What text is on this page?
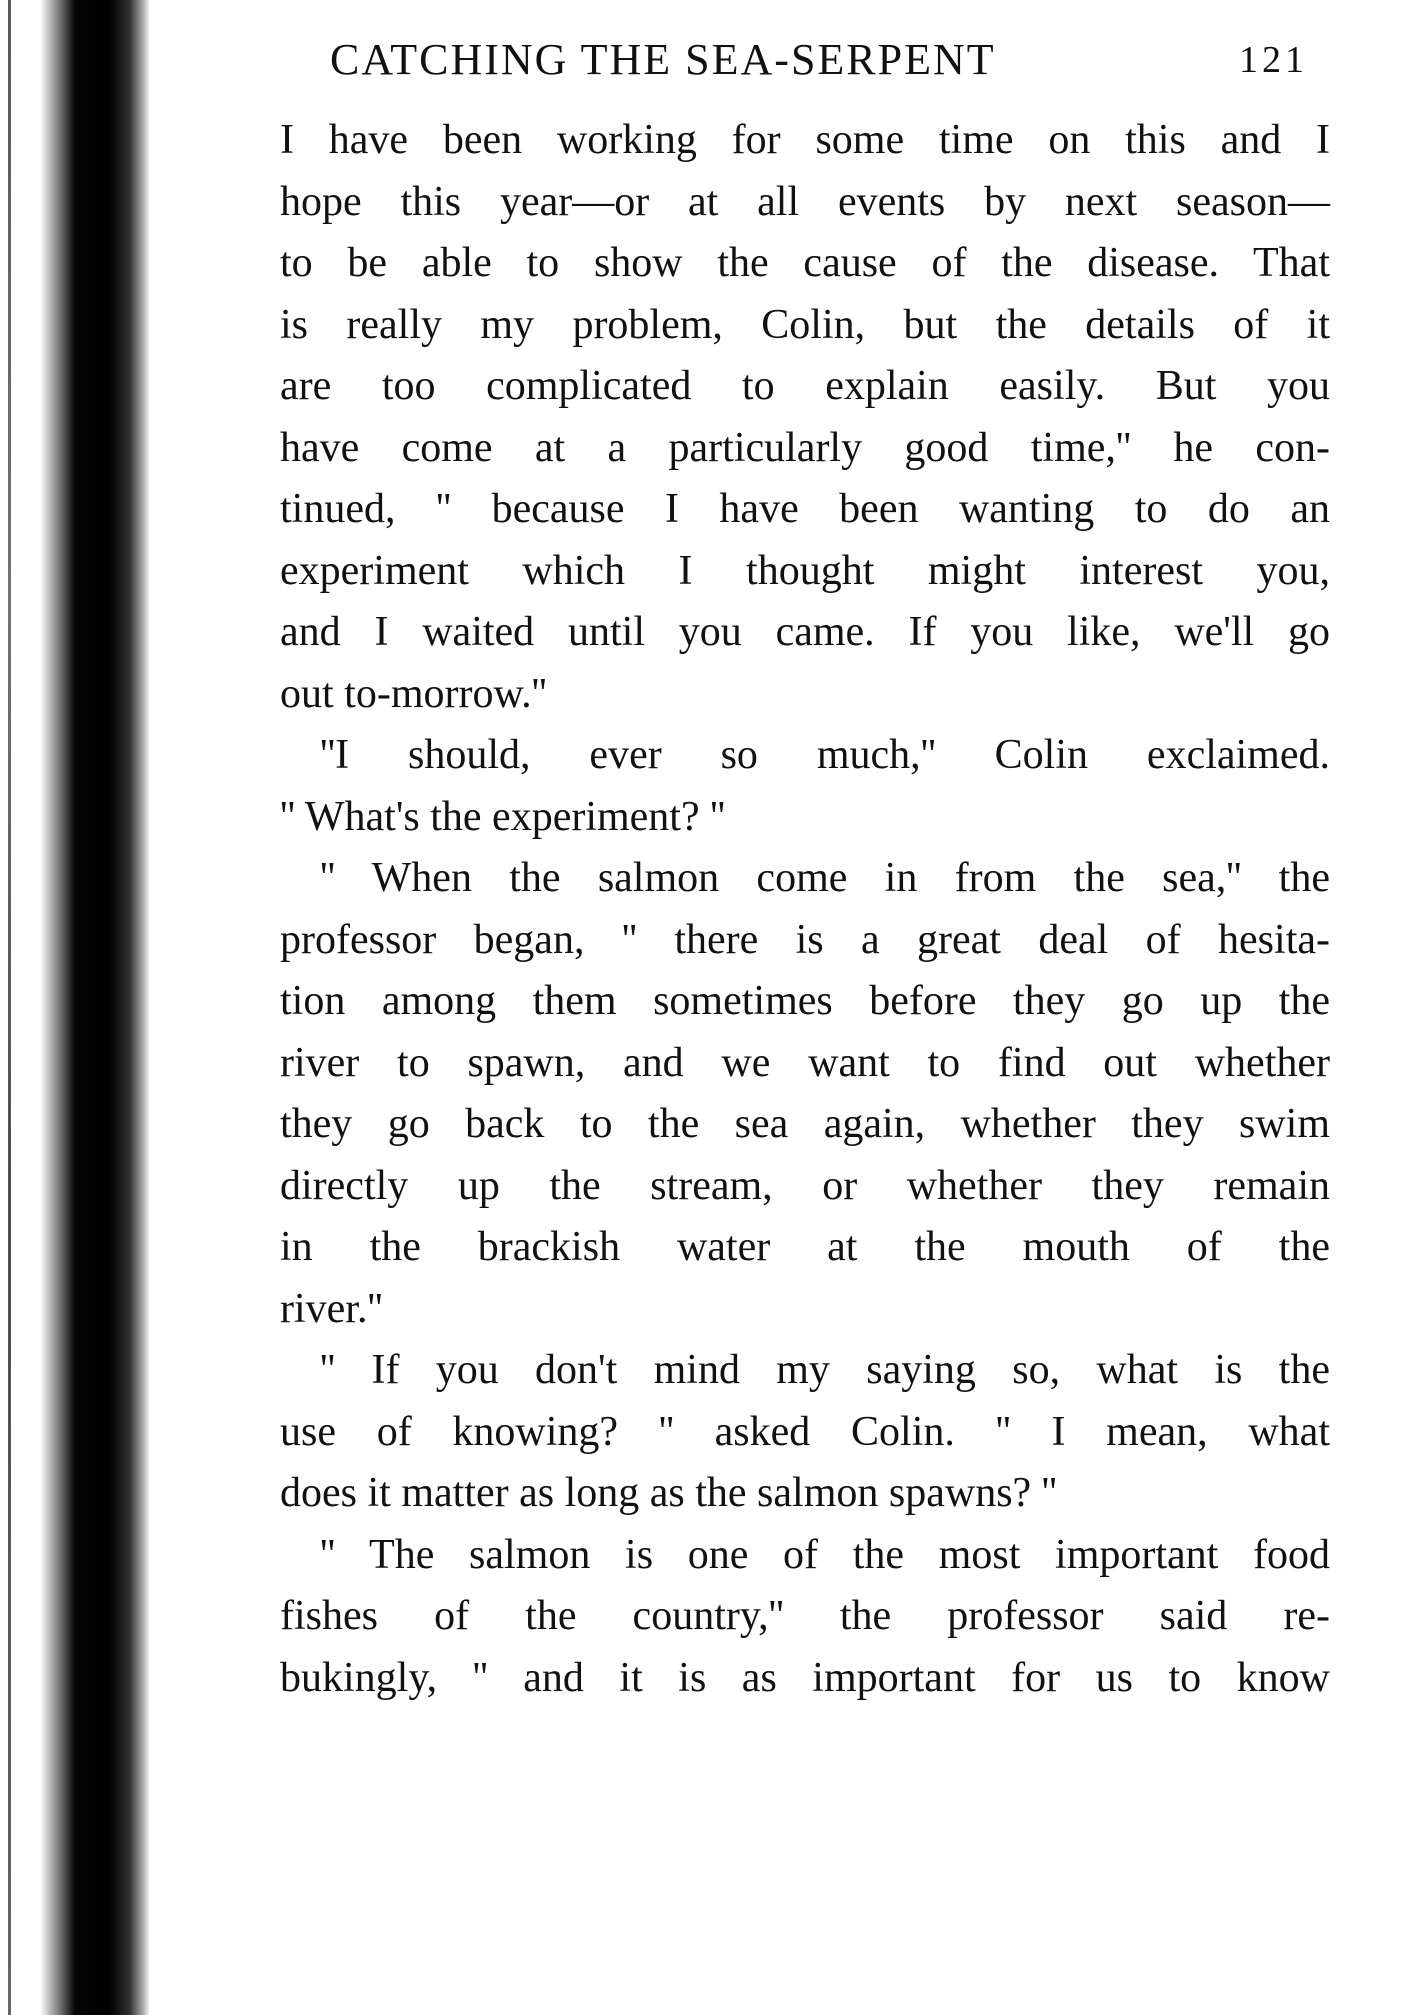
CATCHING THE SEA-SERPENT	121
I have been working for some time on this and I
hope this year—or at all events by next season—
to be able to show the cause of the disease. That
is really my problem, Colin, but the details of it
are too complicated to explain easily. But you
have come at a particularly good time,'' he con-
tinued, '' because I have been wanting to do an
experiment which I thought might interest you,
and I waited until you came. If you like, we'll go
out to-morrow.''
''I should, ever so much,'' Colin exclaimed.
'' What's the experiment? ''
'' When the salmon come in from the sea,'' the
professor began, '' there is a great deal of hesita-
tion among them sometimes before they go up the
river to spawn, and we want to find out whether
they go back to the sea again, whether they swim
directly up the stream, or whether they remain
in the brackish water at the mouth of the
river.''
'' If you don't mind my saying so, what is the
use of knowing? '' asked Colin. '' I mean, what
does it matter as long as the salmon spawns? ''
'' The salmon is one of the most important food
fishes of the country,'' the professor said re-
bukingly, '' and it is as important for us to know
